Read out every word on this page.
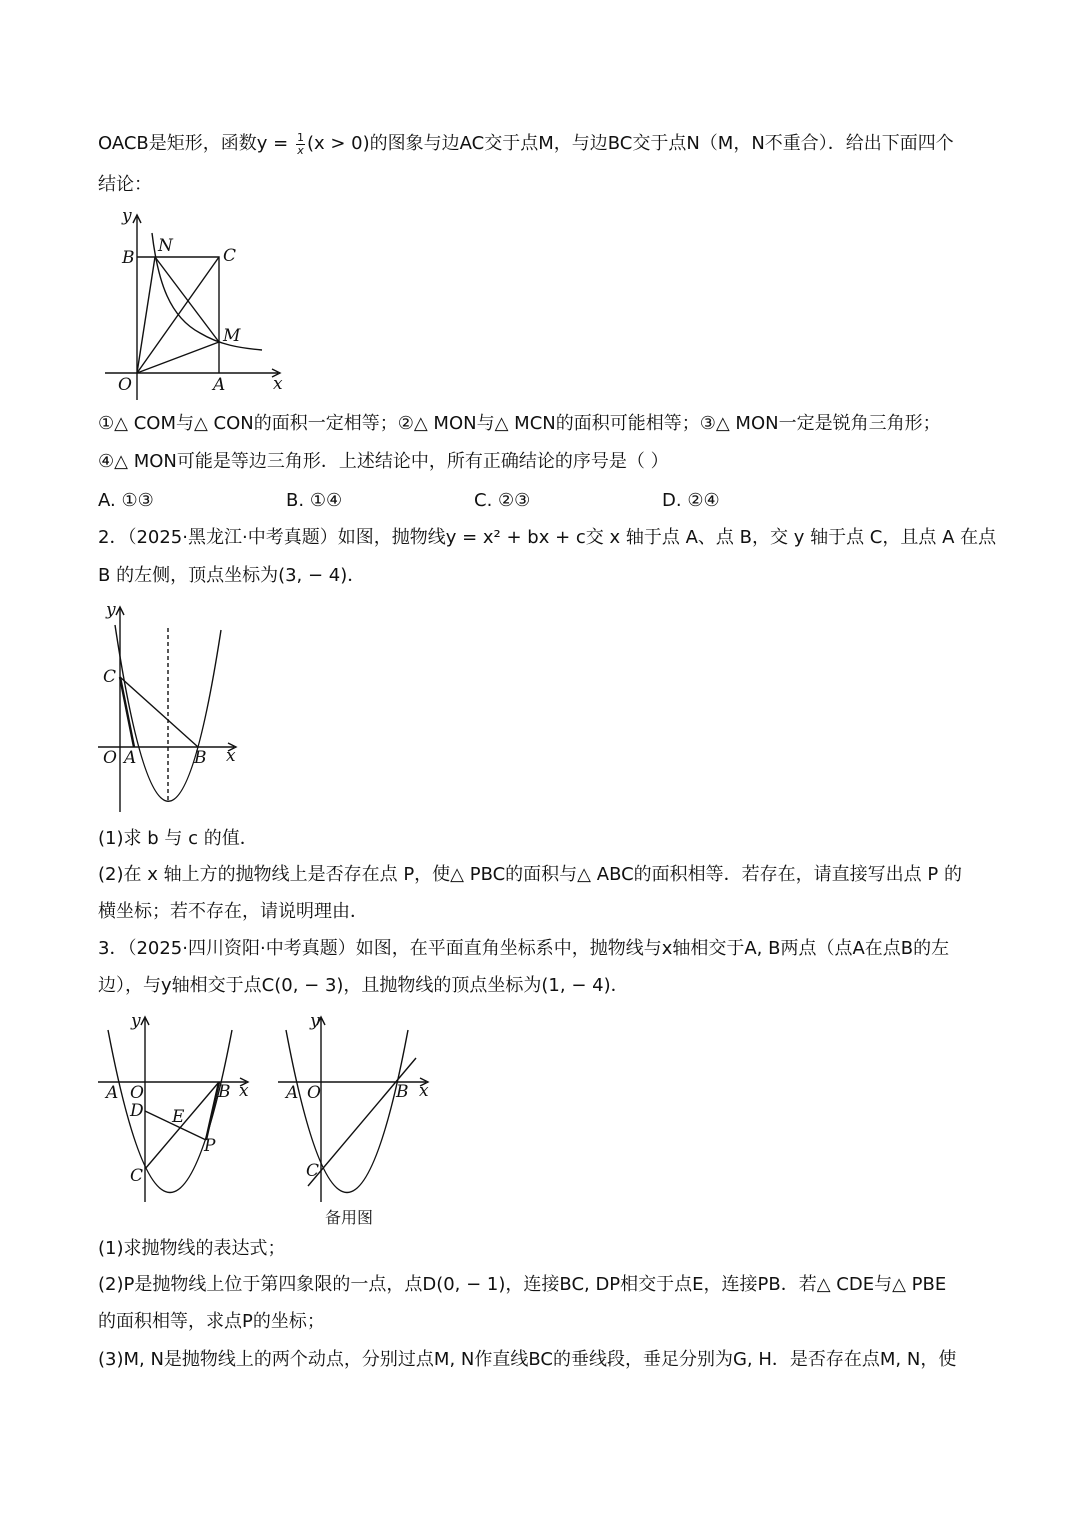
OACB是矩形，函数$y = \frac{1}{x} (x > 0)$的图象与边AC交于点M，与边BC交于点N（M，N不重合）．给出下面四个
结论：
y
B
N	C
M
O	A	x
①△ COM与△ CON的面积一定相等；②△ MON与△ MCN的面积可能相等；③△ MON一定是锐角三角形；
④△ MON可能是等边三角形．上述结论中，所有正确结论的序号是（ ）
A. ①③	B. ①④	C. ②③	D. ②④
2．（2025·黑龙江·中考真题）如图，抛物线y = x² + bx + c交 x 轴于点 A、点 B，交 y 轴于点 C，且点 A 在点
B 的左侧，顶点坐标为(3, − 4)．
y
C
O A	B x
(1)求 b 与 c 的值．
(2)在 x 轴上方的抛物线上是否存在点 P，使△ PBC的面积与△ ABC的面积相等．若存在，请直接写出点 P 的
横坐标；若不存在，请说明理由．
3．（2025·四川资阳·中考真题）如图，在平面直角坐标系中，抛物线与x轴相交于A, B两点（点A在点B的左
边），与y轴相交于点C(0, − 3)，且抛物线的顶点坐标为(1, − 4)．
y
A O	B x
D E
P
C
y
A O	B x
C
备用图
(1)求抛物线的表达式；
(2)P是抛物线上位于第四象限的一点，点D(0, − 1)，连接BC, DP相交于点E，连接PB．若△ CDE与△ PBE
的面积相等，求点P的坐标；
(3)M, N是抛物线上的两个动点，分别过点M, N作直线BC的垂线段，垂足分别为G, H．是否存在点M, N，使
